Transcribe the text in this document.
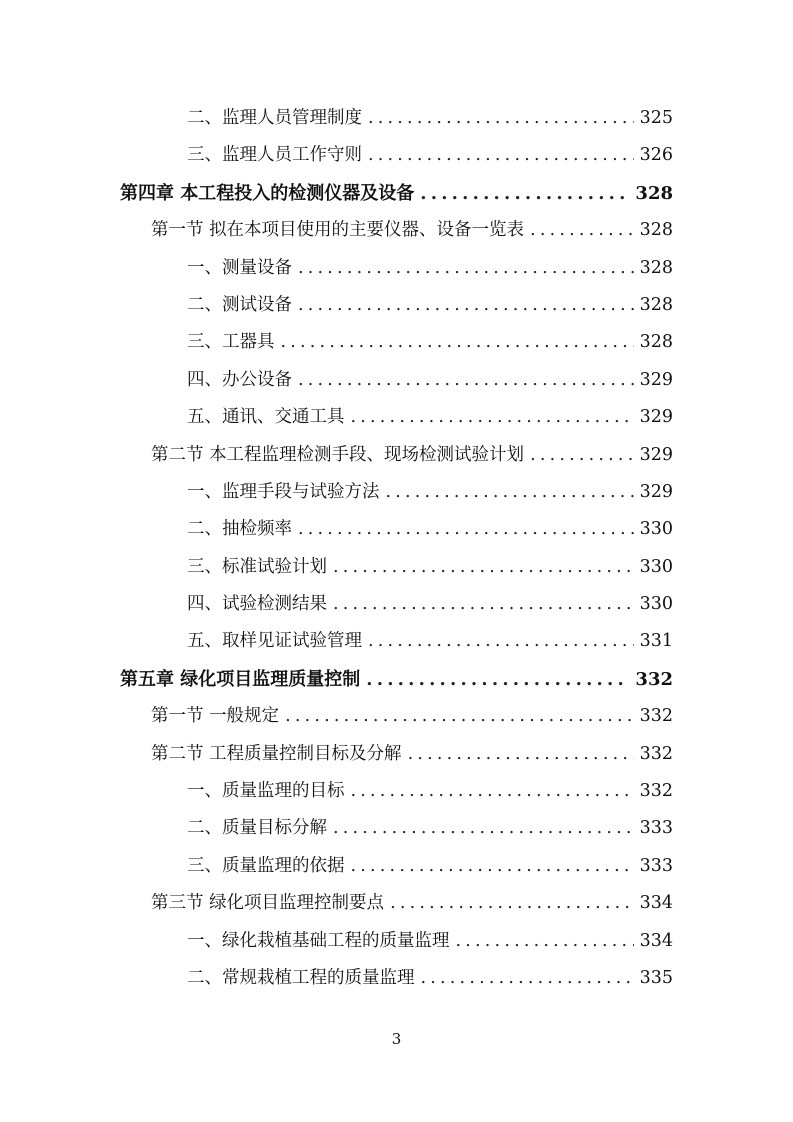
二、监理人员管理制度 .....	325
三、监理人员工作守则 .....	326
第四章 本工程投入的检测仪器及设备 .....	328
第一节 拟在本项目使用的主要仪器、设备一览表 .....	328
一、测量设备 .....	328
二、测试设备 .....	328
三、工器具 .....	328
四、办公设备 .....	329
五、通讯、交通工具 .....	329
第二节 本工程监理检测手段、现场检测试验计划 .....	329
一、监理手段与试验方法 .....	329
二、抽检频率 .....	330
三、标准试验计划 .....	330
四、试验检测结果 .....	330
五、取样见证试验管理 .....	331
第五章 绿化项目监理质量控制 .....	332
第一节 一般规定 .....	332
第二节 工程质量控制目标及分解 .....	332
一、质量监理的目标 .....	332
二、质量目标分解 .....	333
三、质量监理的依据 .....	333
第三节 绿化项目监理控制要点 .....	334
一、绿化栽植基础工程的质量监理 .....	334
二、常规栽植工程的质量监理 .....	335
3
